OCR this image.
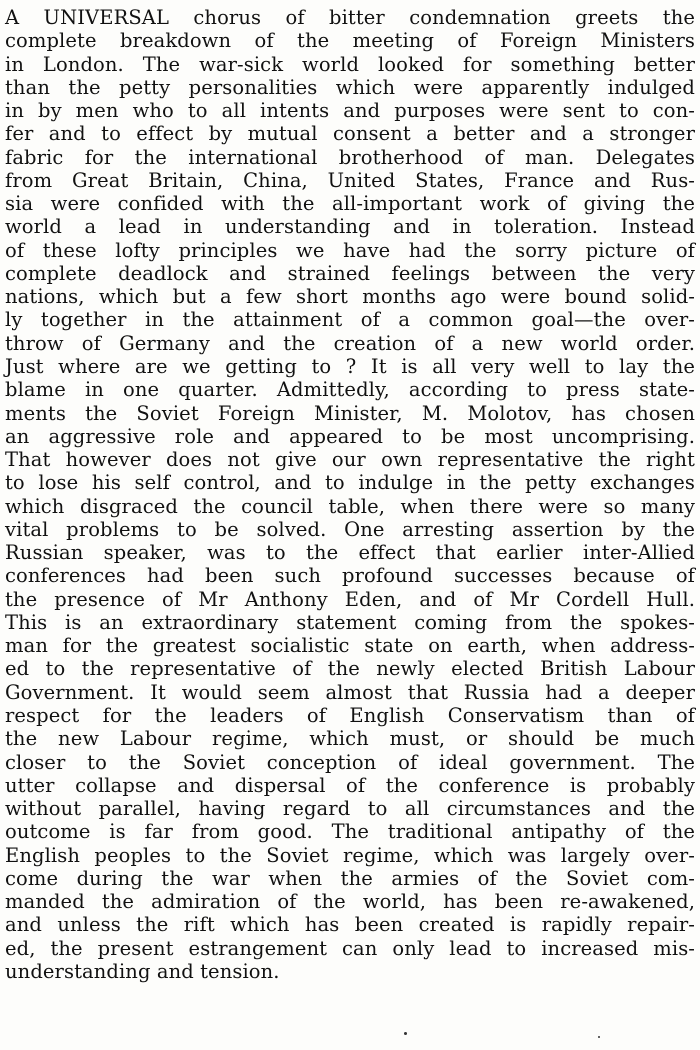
A UNIVERSAL chorus of bitter condemnation greets the
complete breakdown of the meeting of Foreign Ministers
in London. The war-sick world looked for something better
than the petty personalities which were apparently indulged
in by men who to all intents and purposes were sent to con-
fer and to effect by mutual consent a better and a stronger
fabric for the international brotherhood of man. Delegates
from Great Britain, China, United States, France and Rus-
sia were confided with the all-important work of giving the
world a lead in understanding and in toleration. Instead
of these lofty principles we have had the sorry picture of
complete deadlock and strained feelings between the very
nations, which but a few short months ago were bound solid-
ly together in the attainment of a common goal—the over-
throw of Germany and the creation of a new world order.
Just where are we getting to ? It is all very well to lay the
blame in one quarter. Admittedly, according to press state-
ments the Soviet Foreign Minister, M. Molotov, has chosen
an aggressive role and appeared to be most uncomprising.
That however does not give our own representative the right
to lose his self control, and to indulge in the petty exchanges
which disgraced the council table, when there were so many
vital problems to be solved. One arresting assertion by the
Russian speaker, was to the effect that earlier inter-Allied
conferences had been such profound successes because of
the presence of Mr Anthony Eden, and of Mr Cordell Hull.
This is an extraordinary statement coming from the spokes-
man for the greatest socialistic state on earth, when address-
ed to the representative of the newly elected British Labour
Government. It would seem almost that Russia had a deeper
respect for the leaders of English Conservatism than of
the new Labour regime, which must, or should be much
closer to the Soviet conception of ideal government. The
utter collapse and dispersal of the conference is probably
without parallel, having regard to all circumstances and the
outcome is far from good. The traditional antipathy of the
English peoples to the Soviet regime, which was largely over-
come during the war when the armies of the Soviet com-
manded the admiration of the world, has been re-awakened,
and unless the rift which has been created is rapidly repair-
ed, the present estrangement can only lead to increased mis-
understanding and tension.
